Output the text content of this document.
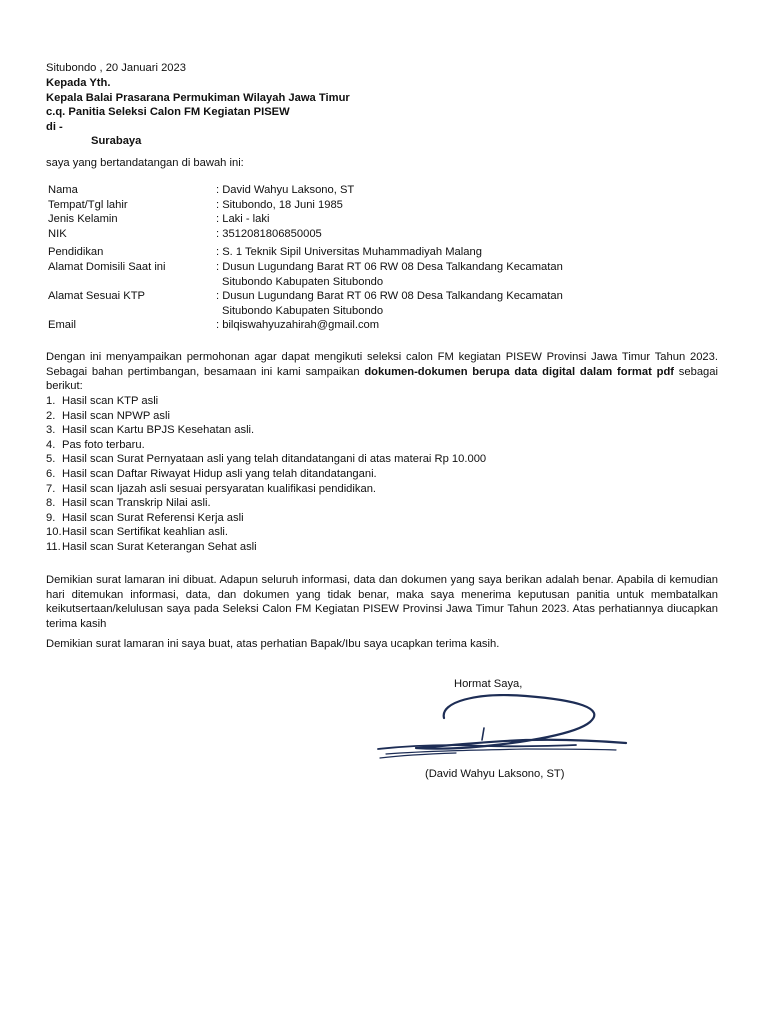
Situbondo , 20 Januari 2023
Kepada Yth.
Kepala Balai Prasarana Permukiman Wilayah Jawa Timur
c.q. Panitia Seleksi Calon FM Kegiatan PISEW
di -
Surabaya
saya yang bertandatangan di bawah ini:
Nama	: David Wahyu Laksono, ST
Tempat/Tgl lahir	: Situbondo, 18 Juni 1985
Jenis Kelamin	: Laki - laki
NIK	: 3512081806850005
Pendidikan	: S. 1 Teknik Sipil Universitas Muhammadiyah Malang
Alamat Domisili Saat ini	: Dusun Lugundang Barat RT 06 RW 08 Desa Talkandang Kecamatan
Situbondo Kabupaten Situbondo
Alamat Sesuai KTP	: Dusun Lugundang Barat RT 06 RW 08 Desa Talkandang Kecamatan
Situbondo Kabupaten Situbondo
Email	: bilqiswahyuzahirah@gmail.com
Dengan ini menyampaikan permohonan agar dapat mengikuti seleksi calon FM kegiatan PISEW Provinsi Jawa Timur Tahun 2023. Sebagai bahan pertimbangan, besamaan ini kami sampaikan dokumen-dokumen berupa data digital dalam format pdf sebagai berikut:
1. Hasil scan KTP asli
2. Hasil scan NPWP asli
3. Hasil scan Kartu BPJS Kesehatan asli.
4. Pas foto terbaru.
5. Hasil scan Surat Pernyataan asli yang telah ditandatangani di atas materai Rp 10.000
6. Hasil scan Daftar Riwayat Hidup asli yang telah ditandatangani.
7. Hasil scan Ijazah asli sesuai persyaratan kualifikasi pendidikan.
8. Hasil scan Transkrip Nilai asli.
9. Hasil scan Surat Referensi Kerja asli
10. Hasil scan Sertifikat keahlian asli.
11. Hasil scan Surat Keterangan Sehat asli
Demikian surat lamaran ini dibuat. Adapun seluruh informasi, data dan dokumen yang saya berikan adalah benar. Apabila di kemudian hari ditemukan informasi, data, dan dokumen yang tidak benar, maka saya menerima keputusan panitia untuk membatalkan keikutsertaan/kelulusan saya pada Seleksi Calon FM Kegiatan PISEW Provinsi Jawa Timur Tahun 2023. Atas perhatiannya diucapkan terima kasih
Demikian surat lamaran ini saya buat, atas perhatian Bapak/Ibu saya ucapkan terima kasih.
Hormat Saya,
(David Wahyu Laksono, ST)
